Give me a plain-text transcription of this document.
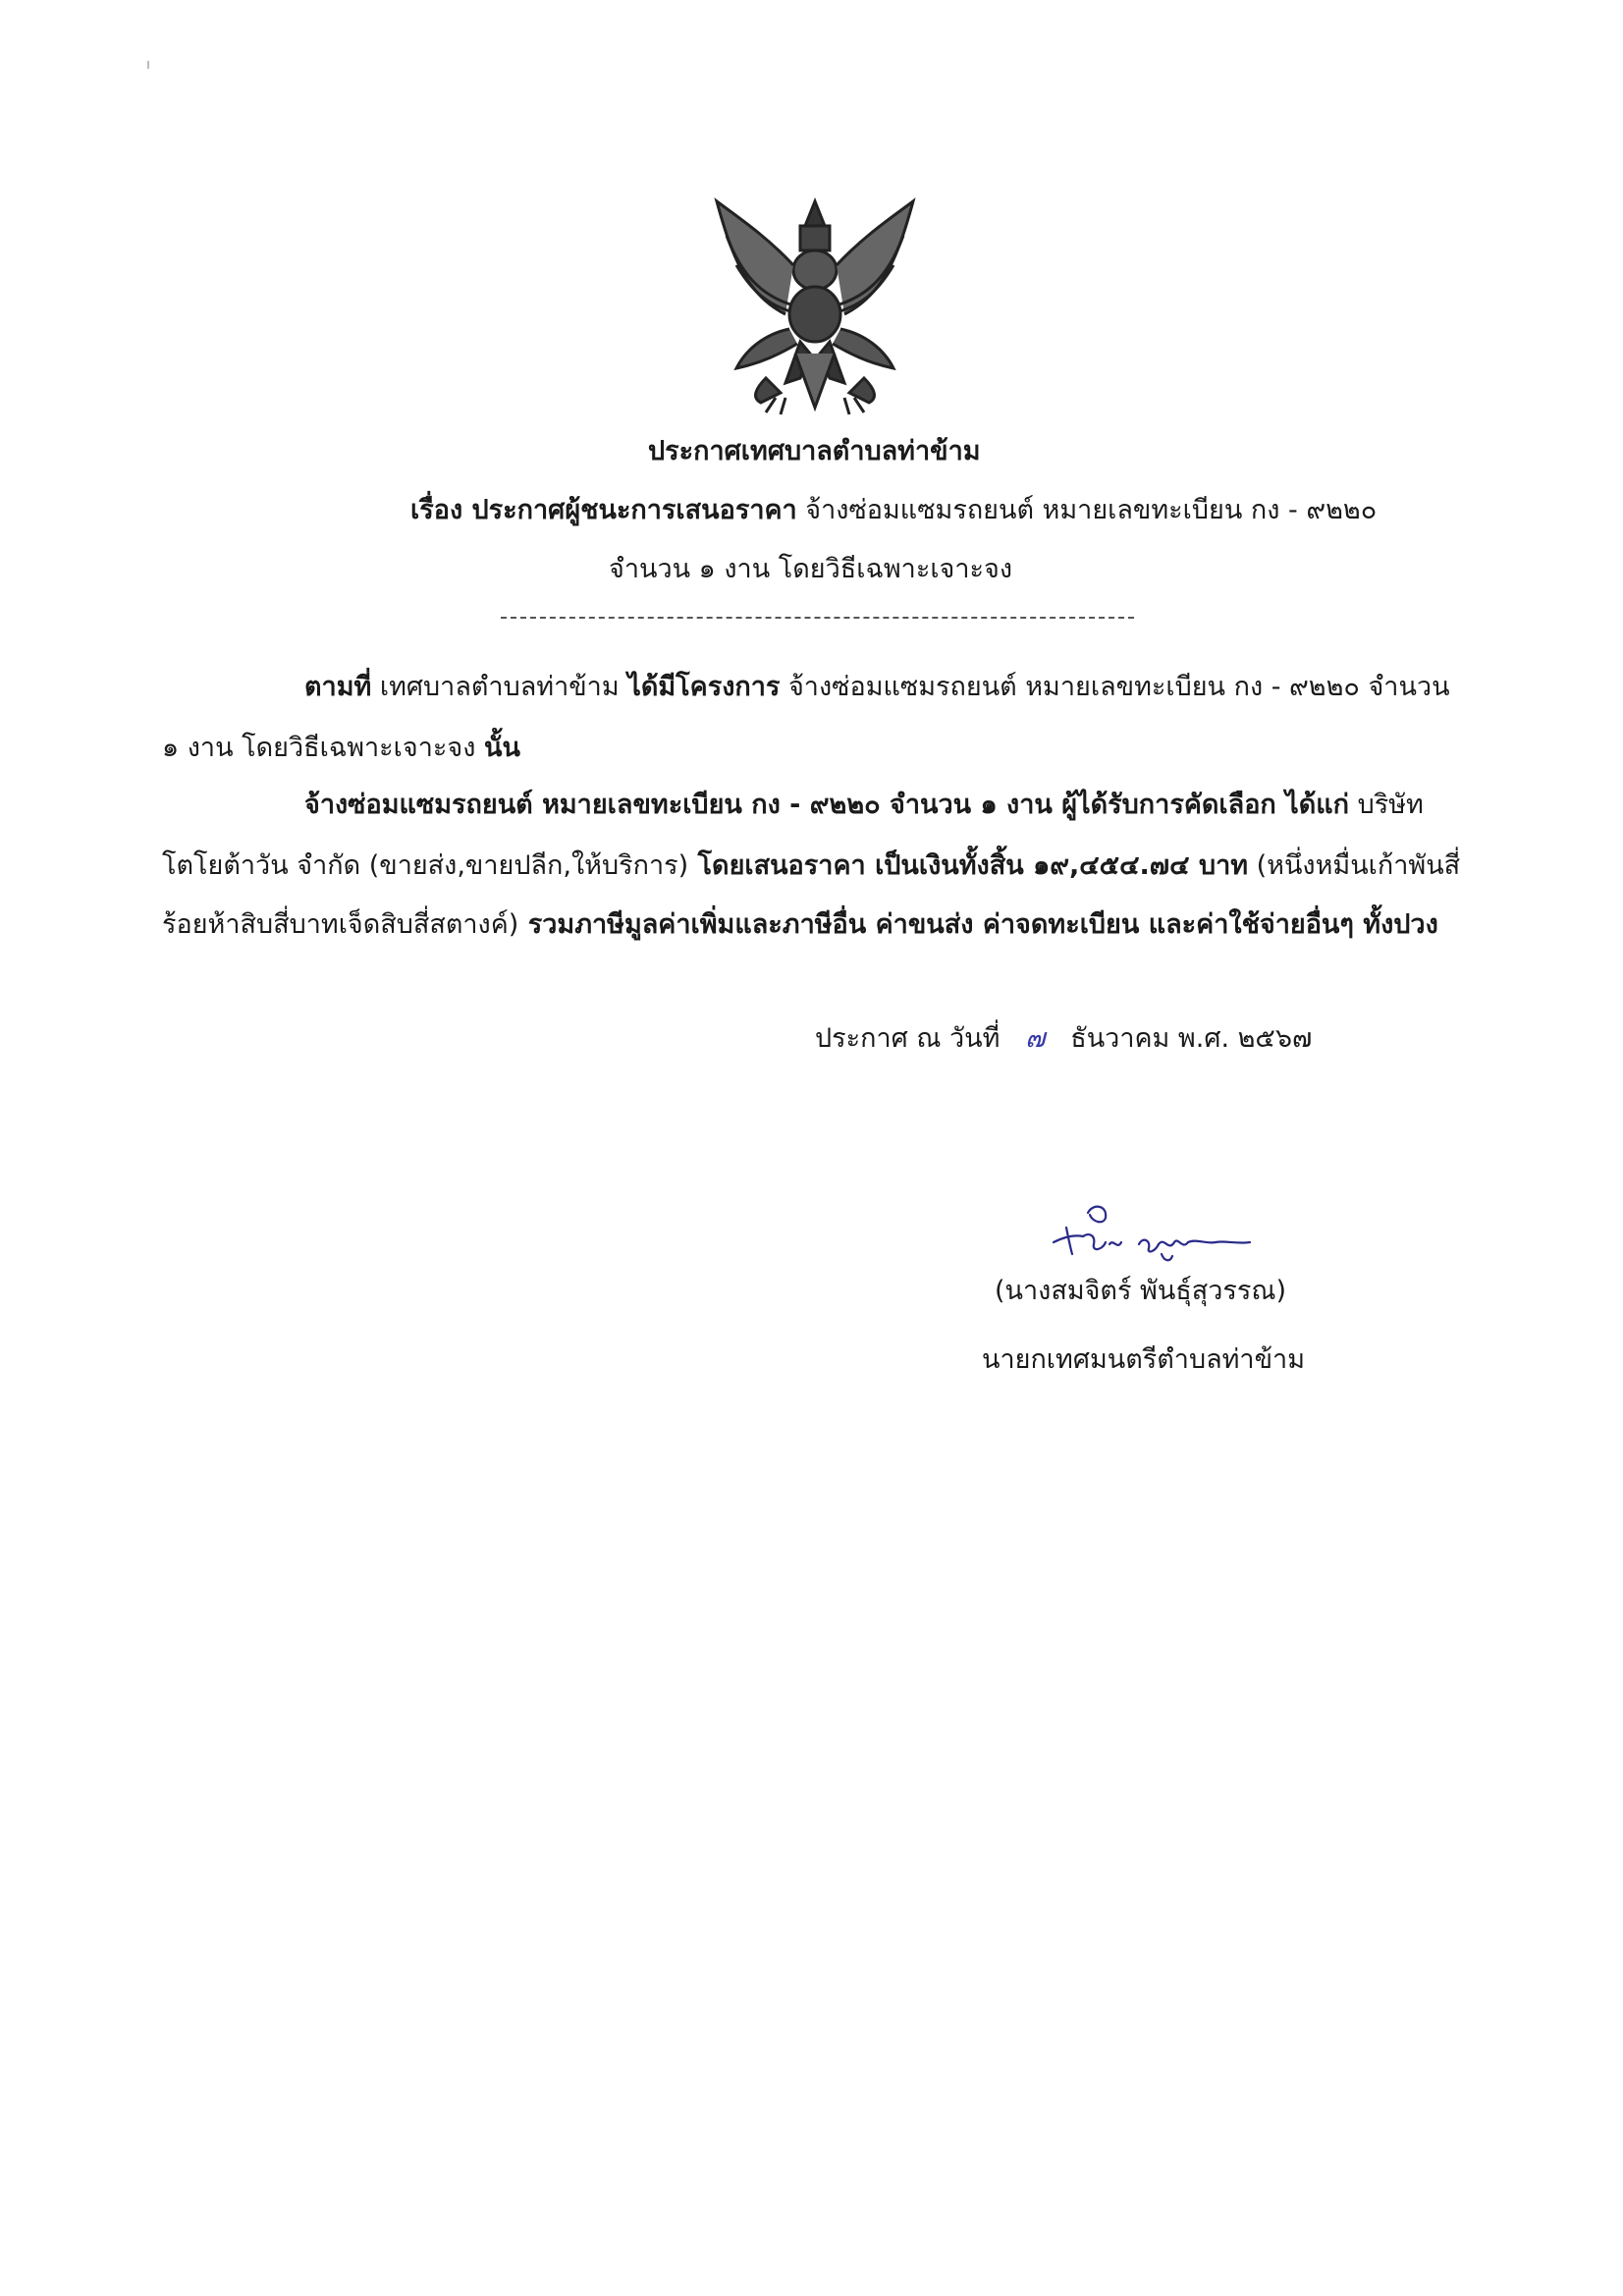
ประกาศเทศบาลตำบลท่าข้าม
เรื่อง ประกาศผู้ชนะการเสนอราคา จ้างซ่อมแซมรถยนต์ หมายเลขทะเบียน กง - ๙๒๒๐
จำนวน ๑ งาน โดยวิธีเฉพาะเจาะจง
ตามที่ เทศบาลตำบลท่าข้าม ได้มีโครงการ จ้างซ่อมแซมรถยนต์ หมายเลขทะเบียน กง - ๙๒๒๐ จำนวน
๑ งาน โดยวิธีเฉพาะเจาะจง นั้น
จ้างซ่อมแซมรถยนต์ หมายเลขทะเบียน กง - ๙๒๒๐ จำนวน ๑ งาน ผู้ได้รับการคัดเลือก ได้แก่ บริษัท
โตโยต้าวัน จำกัด (ขายส่ง,ขายปลีก,ให้บริการ) โดยเสนอราคา เป็นเงินทั้งสิ้น ๑๙,๔๕๔.๗๔ บาท (หนึ่งหมื่นเก้าพันสี่
ร้อยห้าสิบสี่บาทเจ็ดสิบสี่สตางค์) รวมภาษีมูลค่าเพิ่มและภาษีอื่น ค่าขนส่ง ค่าจดทะเบียน และค่าใช้จ่ายอื่นๆ ทั้งปวง
ประกาศ ณ วันที่ ๗ ธันวาคม พ.ศ. ๒๕๖๗
(นางสมจิตร์ พันธุ์สุวรรณ)
นายกเทศมนตรีตำบลท่าข้าม
